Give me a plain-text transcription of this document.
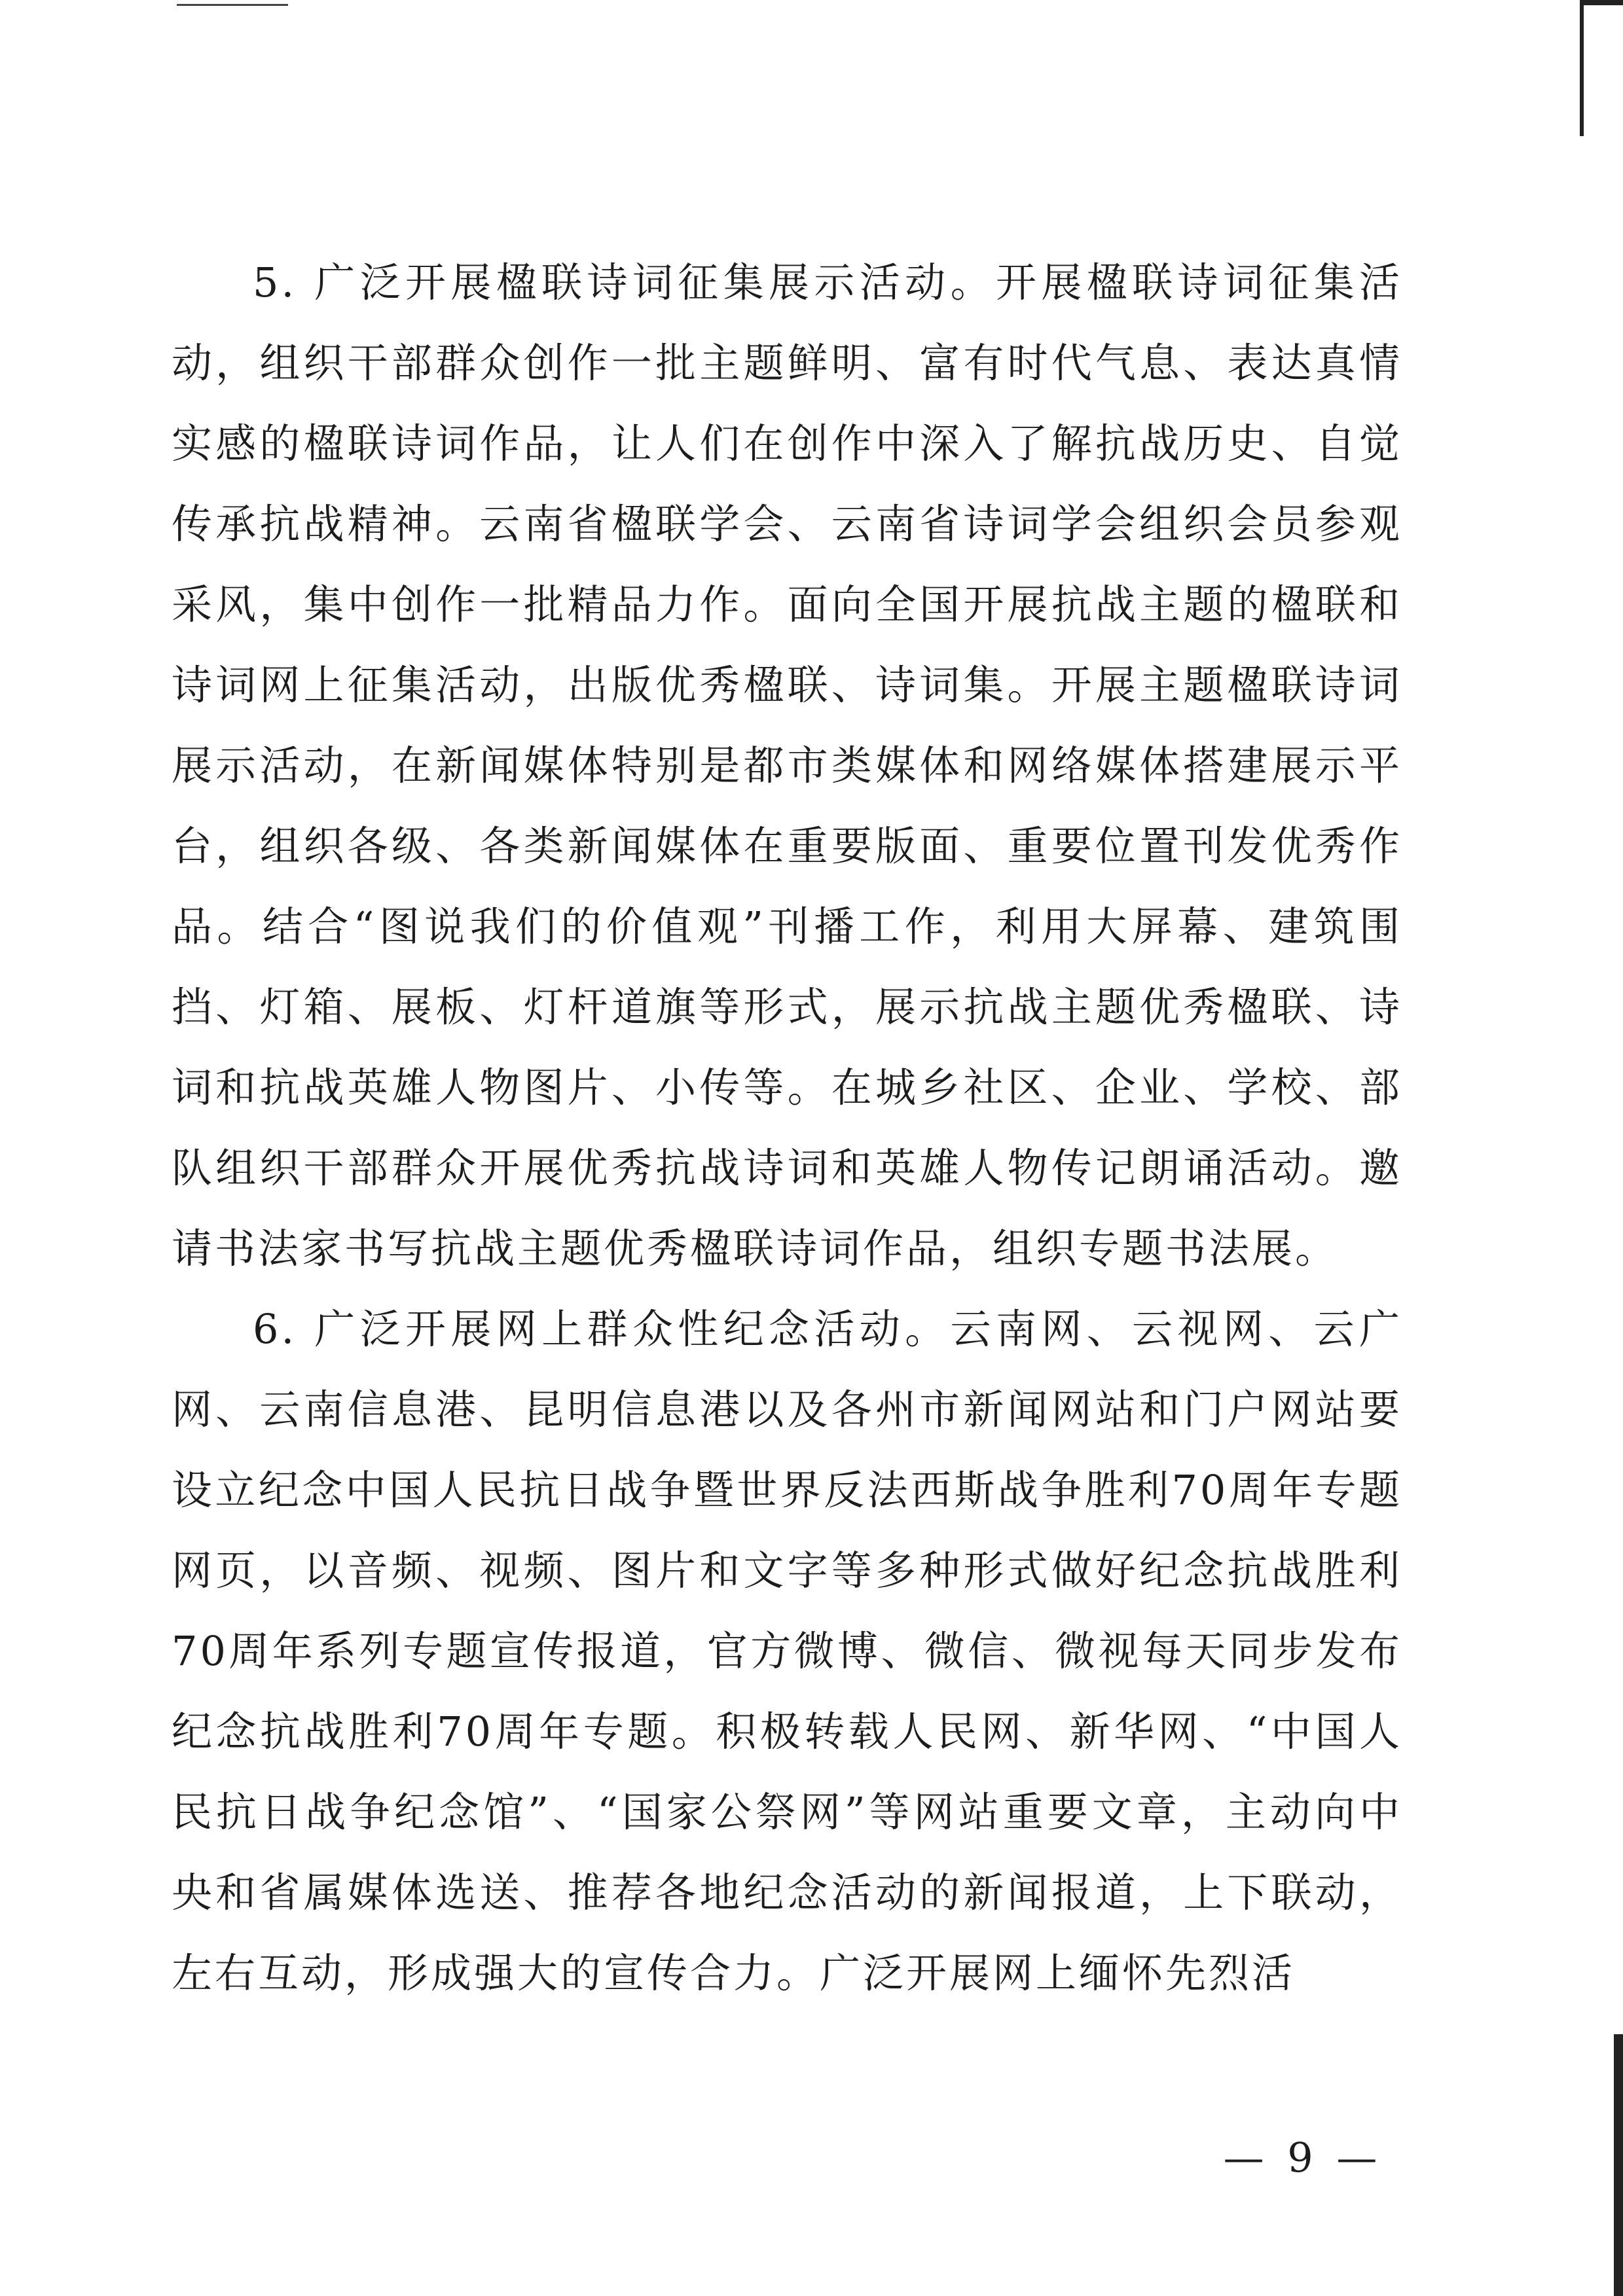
5. 广泛开展楹联诗词征集展示活动。开展楹联诗词征集活动，组织干部群众创作一批主题鲜明、富有时代气息、表达真情实感的楹联诗词作品，让人们在创作中深入了解抗战历史、自觉传承抗战精神。云南省楹联学会、云南省诗词学会组织会员参观采风，集中创作一批精品力作。面向全国开展抗战主题的楹联和诗词网上征集活动，出版优秀楹联、诗词集。开展主题楹联诗词展示活动，在新闻媒体特别是都市类媒体和网络媒体搭建展示平台，组织各级、各类新闻媒体在重要版面、重要位置刊发优秀作品。结合“图说我们的价值观”刊播工作，利用大屏幕、建筑围挡、灯箱、展板、灯杆道旗等形式，展示抗战主题优秀楹联、诗词和抗战英雄人物图片、小传等。在城乡社区、企业、学校、部队组织干部群众开展优秀抗战诗词和英雄人物传记朗诵活动。邀请书法家书写抗战主题优秀楹联诗词作品，组织专题书法展。

6. 广泛开展网上群众性纪念活动。云南网、云视网、云广网、云南信息港、昆明信息港以及各州市新闻网站和门户网站要设立纪念中国人民抗日战争暨世界反法西斯战争胜利70周年专题网页，以音频、视频、图片和文字等多种形式做好纪念抗战胜利70周年系列专题宣传报道，官方微博、微信、微视每天同步发布纪念抗战胜利70周年专题。积极转载人民网、新华网、“中国人民抗日战争纪念馆”、“国家公祭网”等网站重要文章，主动向中央和省属媒体选送、推荐各地纪念活动的新闻报道，上下联动，左右互动，形成强大的宣传合力。广泛开展网上缅怀先烈活

— 9 —
